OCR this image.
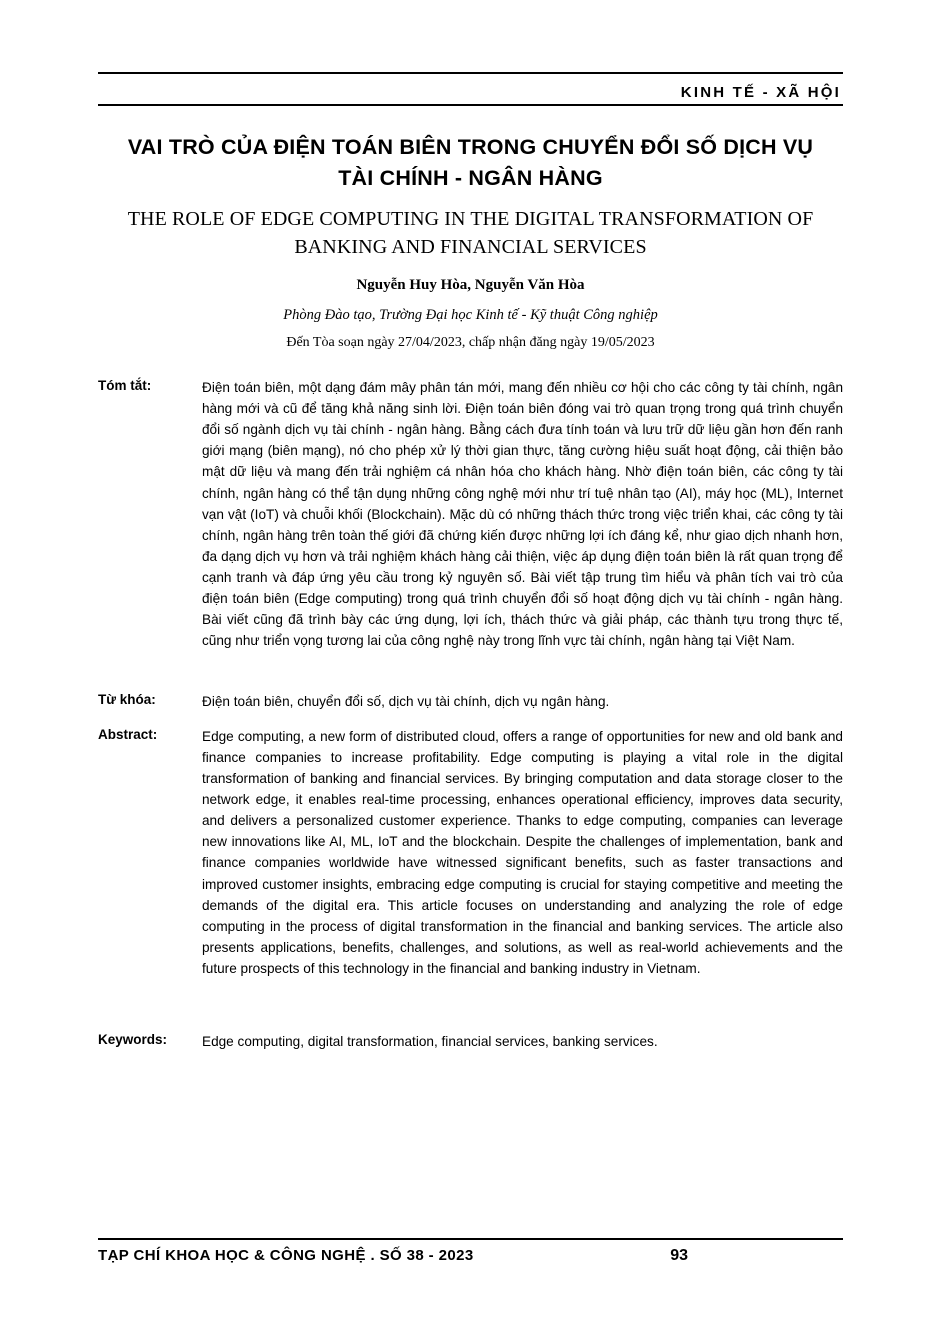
KINH TẾ - XÃ HỘI
VAI TRÒ CỦA ĐIỆN TOÁN BIÊN TRONG CHUYỂN ĐỔI SỐ DỊCH VỤ TÀI CHÍNH - NGÂN HÀNG
THE ROLE OF EDGE COMPUTING IN THE DIGITAL TRANSFORMATION OF BANKING AND FINANCIAL SERVICES
Nguyễn Huy Hòa, Nguyễn Văn Hòa
Phòng Đào tạo, Trường Đại học Kinh tế - Kỹ thuật Công nghiệp
Đến Tòa soạn ngày 27/04/2023, chấp nhận đăng ngày 19/05/2023
Tóm tắt:	Điện toán biên, một dạng đám mây phân tán mới, mang đến nhiều cơ hội cho các công ty tài chính, ngân hàng mới và cũ để tăng khả năng sinh lời. Điện toán biên đóng vai trò quan trọng trong quá trình chuyển đổi số ngành dịch vụ tài chính - ngân hàng. Bằng cách đưa tính toán và lưu trữ dữ liệu gần hơn đến ranh giới mạng (biên mạng), nó cho phép xử lý thời gian thực, tăng cường hiệu suất hoạt động, cải thiện bảo mật dữ liệu và mang đến trải nghiệm cá nhân hóa cho khách hàng. Nhờ điện toán biên, các công ty tài chính, ngân hàng có thể tận dụng những công nghệ mới như trí tuệ nhân tạo (AI), máy học (ML), Internet vạn vật (IoT) và chuỗi khối (Blockchain). Mặc dù có những thách thức trong việc triển khai, các công ty tài chính, ngân hàng trên toàn thế giới đã chứng kiến được những lợi ích đáng kể, như giao dịch nhanh hơn, đa dạng dịch vụ hơn và trải nghiệm khách hàng cải thiện, việc áp dụng điện toán biên là rất quan trọng để cạnh tranh và đáp ứng yêu cầu trong kỷ nguyên số. Bài viết tập trung tìm hiểu và phân tích vai trò của điện toán biên (Edge computing) trong quá trình chuyển đổi số hoạt động dịch vụ tài chính - ngân hàng. Bài viết cũng đã trình bày các ứng dụng, lợi ích, thách thức và giải pháp, các thành tựu trong thực tế, cũng như triển vọng tương lai của công nghệ này trong lĩnh vực tài chính, ngân hàng tại Việt Nam.
Từ khóa:	Điện toán biên, chuyển đổi số, dịch vụ tài chính, dịch vụ ngân hàng.
Abstract:	Edge computing, a new form of distributed cloud, offers a range of opportunities for new and old bank and finance companies to increase profitability. Edge computing is playing a vital role in the digital transformation of banking and financial services. By bringing computation and data storage closer to the network edge, it enables real-time processing, enhances operational efficiency, improves data security, and delivers a personalized customer experience. Thanks to edge computing, companies can leverage new innovations like AI, ML, IoT and the blockchain. Despite the challenges of implementation, bank and finance companies worldwide have witnessed significant benefits, such as faster transactions and improved customer insights, embracing edge computing is crucial for staying competitive and meeting the demands of the digital era. This article focuses on understanding and analyzing the role of edge computing in the process of digital transformation in the financial and banking services. The article also presents applications, benefits, challenges, and solutions, as well as real-world achievements and the future prospects of this technology in the financial and banking industry in Vietnam.
Keywords:	Edge computing, digital transformation, financial services, banking services.
TẠP CHÍ KHOA HỌC & CÔNG NGHỆ . SỐ 38 - 2023	93
